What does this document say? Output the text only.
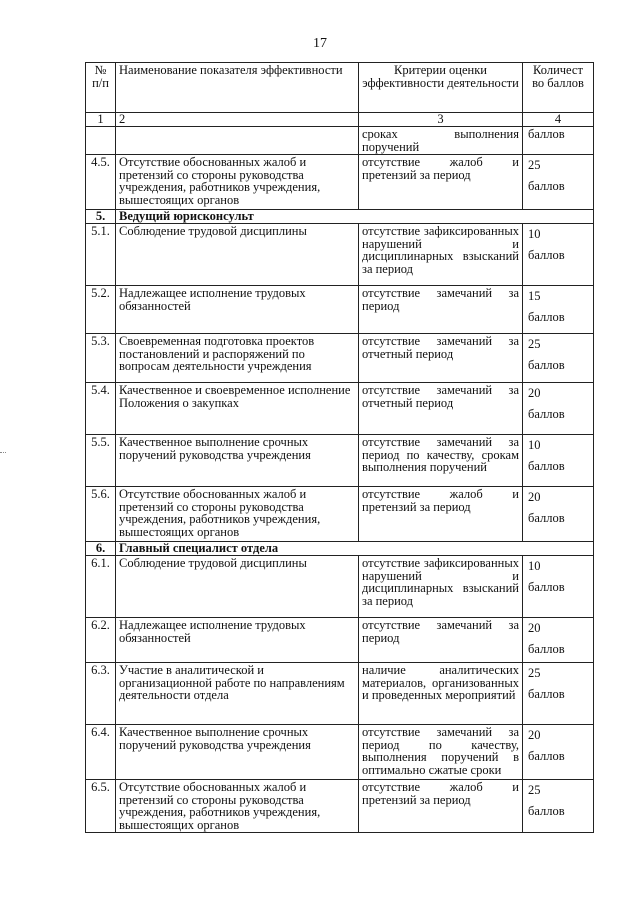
17
№ п/п	Наименование показателя эффективности	Критерии оценки эффективности деятельности	Количест во баллов
1	2	3	4
		сроках выполнения поручений	баллов
4.5.	Отсутствие обоснованных жалоб и претензий со стороны руководства учреждения, работников учреждения, вышестоящих органов	отсутствие жалоб и претензий за период	25
баллов

5.	Ведущий юрисконсульт		
5.1.	Соблюдение трудовой дисциплины	отсутствие зафиксированных нарушений и дисциплинарных взысканий за период	10
баллов

5.2.	Надлежащее исполнение трудовых обязанностей	отсутствие замечаний за период	15
баллов

5.3.	Своевременная подготовка проектов постановлений и распоряжений по вопросам деятельности учреждения	отсутствие замечаний за отчетный период	25
баллов

5.4.	Качественное и своевременное исполнение Положения о закупках	отсутствие замечаний за отчетный период	20
баллов

5.5.	Качественное выполнение срочных поручений руководства учреждения	отсутствие замечаний за период по качеству, срокам выполнения поручений	10
баллов

5.6.	Отсутствие обоснованных жалоб и претензий со стороны руководства учреждения, работников учреждения, вышестоящих органов	отсутствие жалоб и претензий за период	20
баллов

6.	Главный специалист отдела		
6.1.	Соблюдение трудовой дисциплины	отсутствие зафиксированных нарушений и дисциплинарных взысканий за период	10
баллов

6.2.	Надлежащее исполнение трудовых обязанностей	отсутствие замечаний за период	20
баллов

6.3.	Участие в аналитической и организационной работе по направлениям деятельности отдела	наличие аналитических материалов, организованных и проведенных мероприятий	25
баллов

6.4.	Качественное выполнение срочных поручений руководства учреждения	отсутствие замечаний за период по качеству, выполнения поручений в оптимально сжатые сроки	20
баллов

6.5.	Отсутствие обоснованных жалоб и претензий со стороны руководства учреждения, работников учреждения, вышестоящих органов	отсутствие жалоб и претензий за период	25
баллов
